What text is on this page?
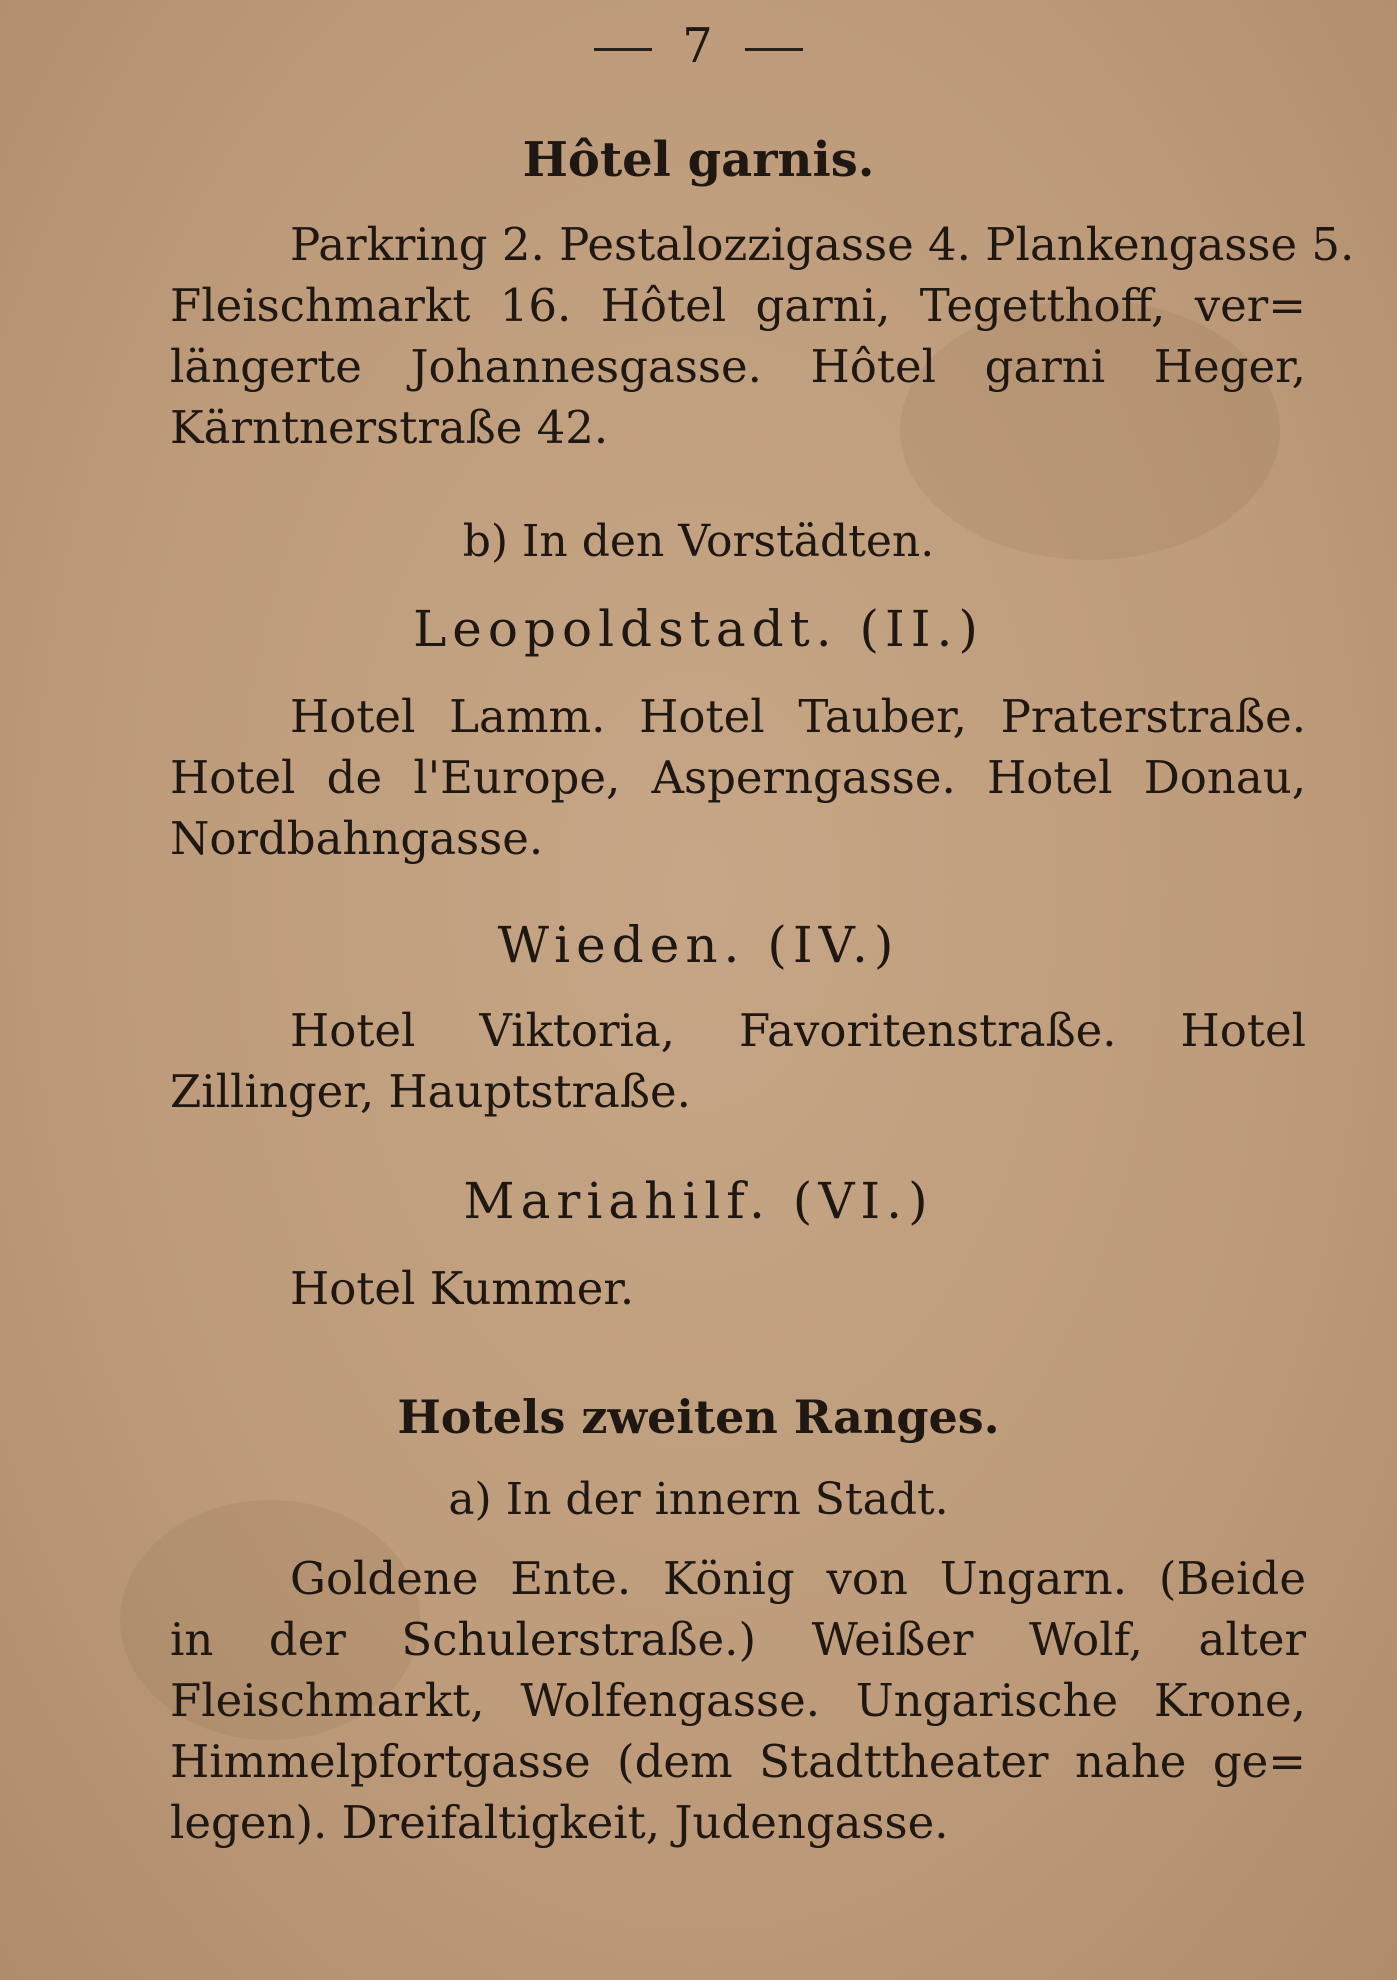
7
Hôtel garnis.
Parkring 2. Pestalozzigasse 4. Plankengasse 5.
Fleischmarkt 16. Hôtel garni, Tegetthoff, ver=
längerte Johannesgasse. Hôtel garni Heger,
Kärntnerstraße 42.
b) In den Vorstädten.
Leopoldstadt. (II.)
Hotel Lamm. Hotel Tauber, Praterstraße.
Hotel de l'Europe, Asperngasse. Hotel Donau,
Nordbahngasse.
Wieden. (IV.)
Hotel Viktoria, Favoritenstraße. Hotel
Zillinger, Hauptstraße.
Mariahilf. (VI.)
Hotel Kummer.
Hotels zweiten Ranges.
a) In der innern Stadt.
Goldene Ente. König von Ungarn. (Beide
in der Schulerstraße.) Weißer Wolf, alter
Fleischmarkt, Wolfengasse. Ungarische Krone,
Himmelpfortgasse (dem Stadttheater nahe ge=
legen). Dreifaltigkeit, Judengasse.
